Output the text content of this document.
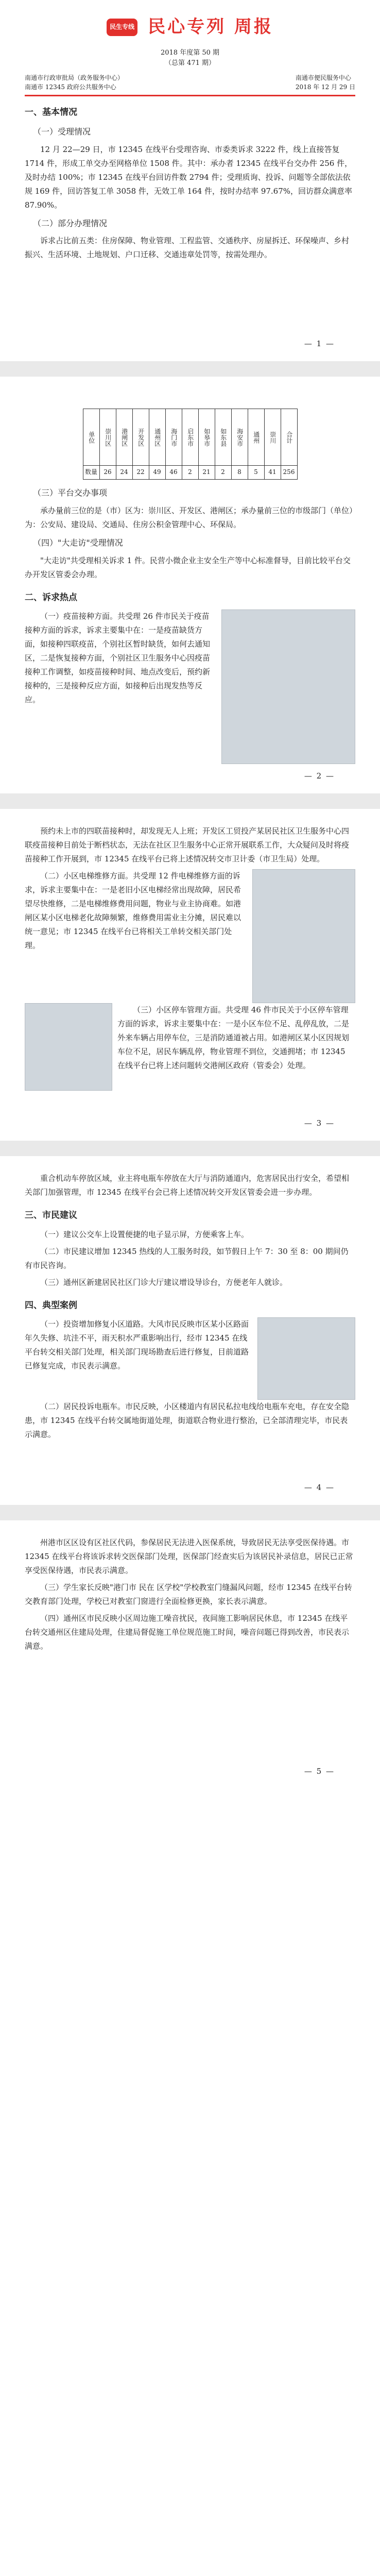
民生专线 民心专列 周报
2018 年度第 50 期
（总第 471 期）
南通市行政审批局（政务服务中心）
南通市 12345 政府公共服务中心
南通市便民服务中心
2018 年 12 月 29 日
一、基本情况
（一）受理情况

12 月 22—29 日，市 12345 在线平台受理咨询、市委类诉求 3222 件，线上直接答复 1714 件，形成工单交办至网格单位 1508 件。其中：承办者 12345 在线平台交办件 256 件，及时办结 100%；市 12345 在线平台回访件数 2794 件；受理质询、投诉、问题等全部依法依规 169 件，回访答复工单 3058 件，无效工单 164 件，按时办结率 97.67%，回访群众满意率 87.90%。

（二）部分办理情况

诉求占比前五类：住房保障、物业管理、工程监管、交通秩序、房屋拆迁、环保噪声、乡村振兴、生活环境、土地规划、户口迁移、交通违章处罚等，按需处理办。

— 1 —
单位	崇川区	港闸区	开发区	通州区	海门市	启东市	如皋市	如东县	海安市	通州	崇川	合计
数量	26	24	22	49	46	2	21	2	8	5	41	256
（三）平台交办事项

承办量前三位的是（市）区为：崇川区、开发区、港闸区；承办量前三位的市级部门（单位）为：公安局、建设局、交通局、住房公积金管理中心、环保局。

（四）"大走访"受理情况

"大走访"共受理相关诉求 1 件。民营小微企业主安全生产等中心标准督导，目前比较平台交办开发区管委会办理。

二、诉求热点

（一）疫苗接种方面。共受理 26 件市民关于疫苗接种方面的诉求，诉求主要集中在：一是疫苗缺货方面，如接种四联疫苗，个别社区暂时缺货，如何去通知区，二是恢复接种方面，个别社区卫生服务中心因疫苗接种工作调整，如疫苗接种时间、地点改变后，预约新接种的，三是接种反应方面，如接种后出现发热等反应。

— 2 —

预约未上市的四联苗接种时，却发现无人上班；开发区工贸投产某居民社区卫生服务中心四联疫苗接种目前处于断档状态，无法在社区卫生服务中心正常开展联系工作，大众疑问及时将疫苗接种工作开展到，市 12345 在线平台已将上述情况转交市卫计委（市卫生局）处理。

（二）小区电梯维修方面。共受理 12 件电梯维修方面的诉求，诉求主要集中在：一是老旧小区电梯经常出现故障，居民希望尽快维修，二是电梯维修费用问题，物业与业主协商难。如港闸区某小区电梯老化故障频繁，维修费用需业主分摊，居民难以统一意见；市 12345 在线平台已将相关工单转交相关部门处理。

（三）小区停车管理方面。共受理 46 件市民关于小区停车管理方面的诉求，诉求主要集中在：一是小区车位不足、乱停乱放，二是外来车辆占用停车位，三是消防通道被占用。如港闸区某小区因规划车位不足，居民车辆乱停，物业管理不到位，交通拥堵；市 12345 在线平台已将上述问题转交港闸区政府（管委会）处理。

— 3 —

重合机动车停放区域，业主将电瓶车停放在大厅与消防通道内，危害居民出行安全，希望相关部门加强管理，市 12345 在线平台会已将上述情况转交开发区管委会进一步办理。

三、市民建议

（一）建议公交车上设置便捷的电子显示屏，方便乘客上车。

（二）市民建议增加 12345 热线的人工服务时段，如节假日上午 7：30 至 8：00 期间仍有市民咨询。

（三）通州区新建居民社区门诊大厅建议增设导诊台，方便老年人就诊。

四、典型案例

（一）投资增加修复小区道路。大风市民反映市区某小区路面年久失修、坑洼不平，雨天积水严重影响出行，经市 12345 在线平台转交相关部门处理，相关部门现场勘查后进行修复，目前道路已修复完成，市民表示满意。

（二）居民投诉电瓶车。市民反映，小区楼道内有居民私拉电线给电瓶车充电，存在安全隐患，市 12345 在线平台转交属地街道处理，街道联合物业进行整治，已全部清理完毕，市民表示满意。

— 4 —

州港市区区设有区社区代码，参保居民无法进入医保系统，导致居民无法享受医保待遇。市 12345 在线平台将该诉求转交医保部门处理，医保部门经查实后为该居民补录信息，居民已正常享受医保待遇，市民表示满意。

（三）学生家长反映"港门市 民在 区学校"学校教室门缝漏风问题，经市 12345 在线平台转交教育部门处理，学校已对教室门窗进行全面检修更换，家长表示满意。

（四）通州区市民反映小区周边施工噪音扰民，夜间施工影响居民休息，市 12345 在线平台转交通州区住建局处理，住建局督促施工单位规范施工时间，噪音问题已得到改善，市民表示满意。

— 5 —
